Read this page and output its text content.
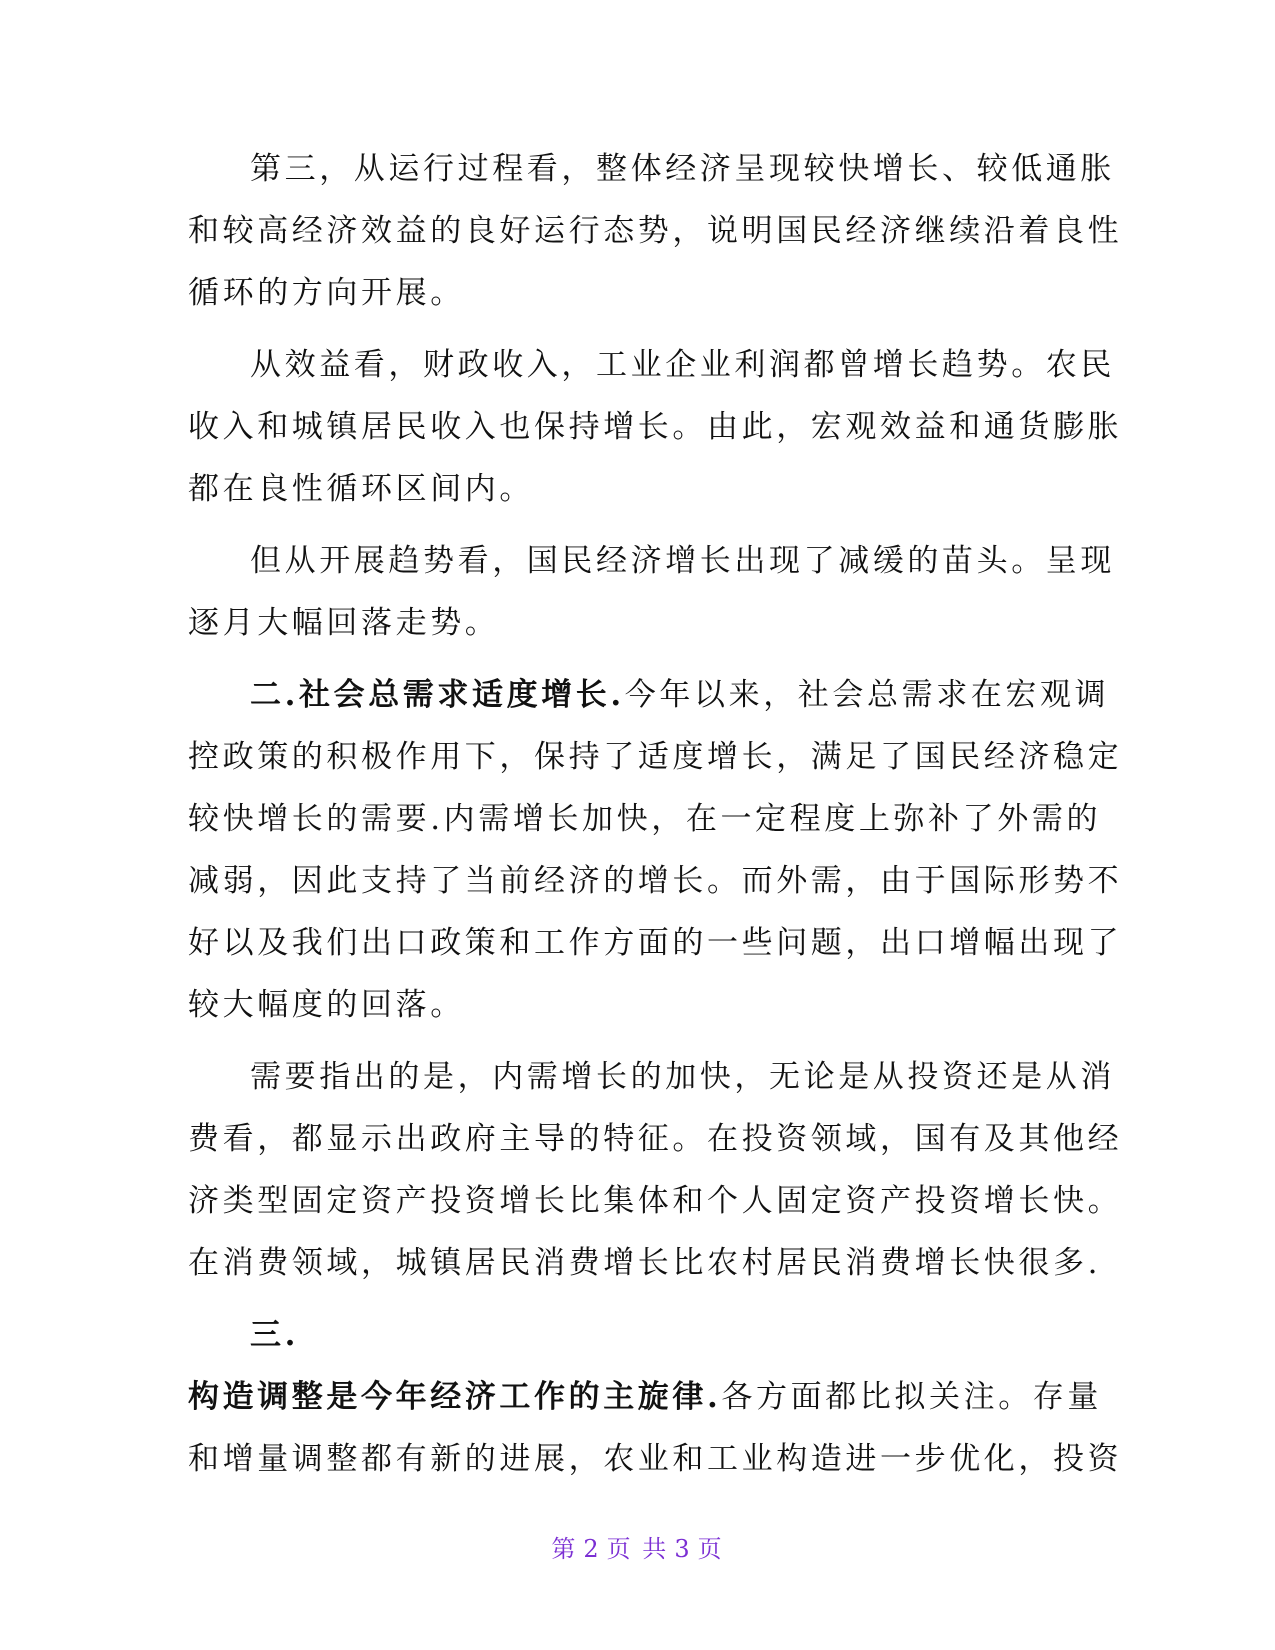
第三，从运行过程看，整体经济呈现较快增长、较低通胀
和较高经济效益的良好运行态势，说明国民经济继续沿着良性
循环的方向开展。
从效益看，财政收入，工业企业利润都曾增长趋势。农民
收入和城镇居民收入也保持增长。由此，宏观效益和通货膨胀
都在良性循环区间内。
但从开展趋势看，国民经济增长出现了减缓的苗头。呈现
逐月大幅回落走势。
二.社会总需求适度增长.今年以来，社会总需求在宏观调
控政策的积极作用下，保持了适度增长，满足了国民经济稳定
较快增长的需要.内需增长加快，在一定程度上弥补了外需的
减弱，因此支持了当前经济的增长。而外需，由于国际形势不
好以及我们出口政策和工作方面的一些问题，出口增幅出现了
较大幅度的回落。
需要指出的是，内需增长的加快，无论是从投资还是从消
费看，都显示出政府主导的特征。在投资领域，国有及其他经
济类型固定资产投资增长比集体和个人固定资产投资增长快。
在消费领域，城镇居民消费增长比农村居民消费增长快很多.
三.
构造调整是今年经济工作的主旋律.各方面都比拟关注。存量
和增量调整都有新的进展，农业和工业构造进一步优化，投资
第 2 页 共 3 页
